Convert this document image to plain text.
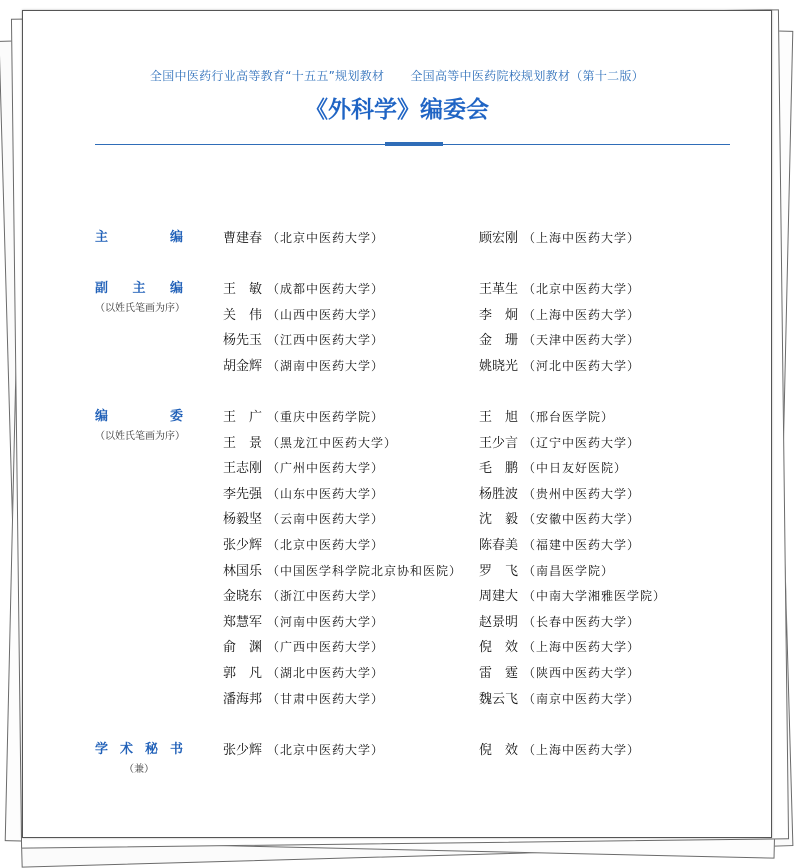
全国中医药行业高等教育“十五五”规划教材 全国高等中医药院校规划教材（第十二版）
《外科学》编委会
主	编	曹建春 （北京中医药大学）	顾宏刚 （上海中医药大学）
副 主 编
（以姓氏笔画为序）
王　敏 （成都中医药大学）	王革生 （北京中医药大学）
关　伟 （山西中医药大学）	李　炯 （上海中医药大学）
杨先玉 （江西中医药大学）	金　珊 （天津中医药大学）
胡金辉 （湖南中医药大学）	姚晓光 （河北中医药大学）
编	委
（以姓氏笔画为序）
王　广 （重庆中医药学院）	王　旭 （邢台医学院）
王　景 （黑龙江中医药大学）	王少言 （辽宁中医药大学）
王志刚 （广州中医药大学）	毛　鹏 （中日友好医院）
李先强 （山东中医药大学）	杨胜波 （贵州中医药大学）
杨毅坚 （云南中医药大学）	沈　毅 （安徽中医药大学）
张少辉 （北京中医药大学）	陈春美 （福建中医药大学）
林国乐 （中国医学科学院北京协和医院） 罗　飞 （南昌医学院）
金晓东 （浙江中医药大学）	周建大 （中南大学湘雅医学院）
郑慧军 （河南中医药大学）	赵景明 （长春中医药大学）
俞　渊 （广西中医药大学）	倪　效 （上海中医药大学）
郭　凡 （湖北中医药大学）	雷　霆 （陕西中医药大学）
潘海邦 （甘肃中医药大学）	魏云飞 （南京中医药大学）
学 术 秘 书
（兼）
张少辉 （北京中医药大学）	倪　效 （上海中医药大学）
